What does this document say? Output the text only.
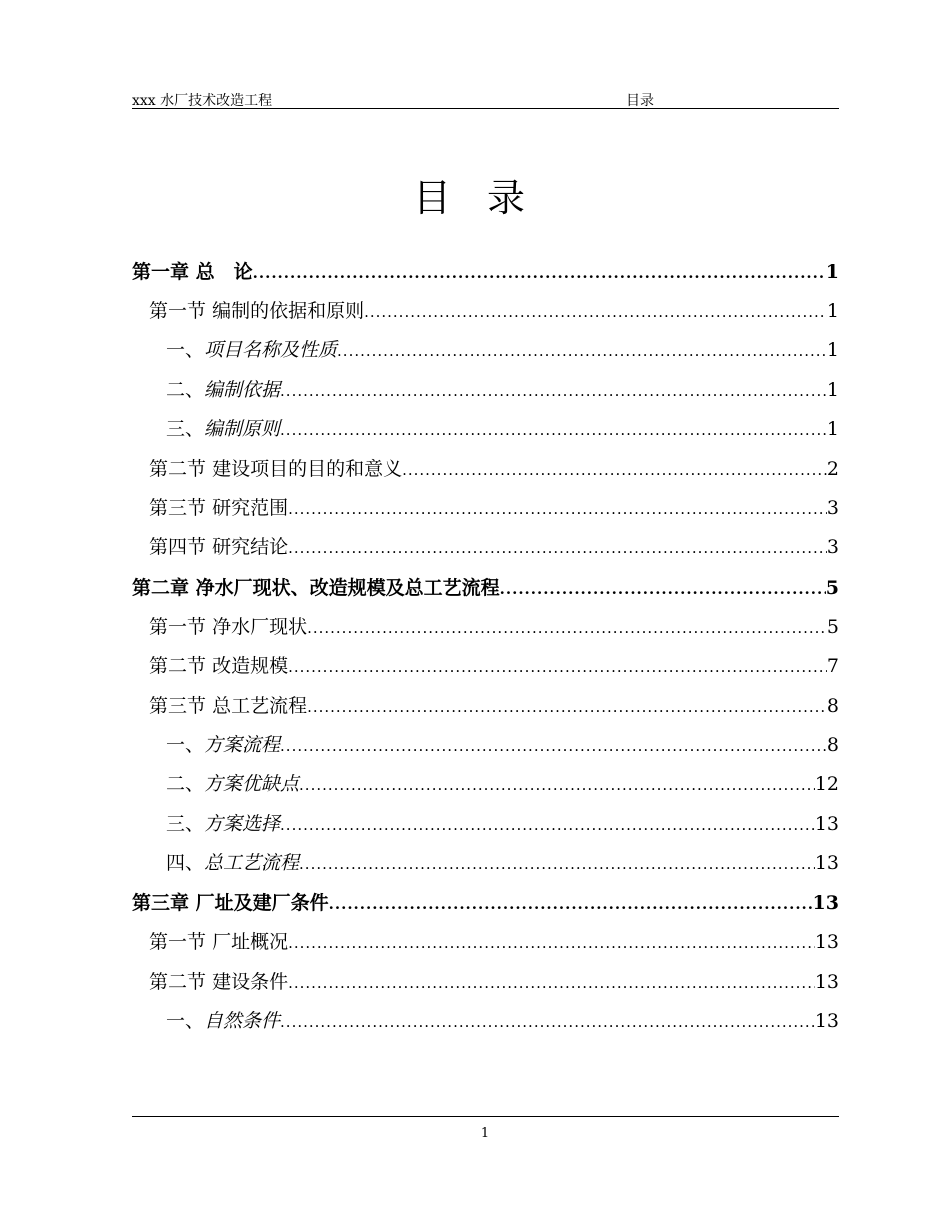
xxx 水厂技术改造工程	目录
目 录
第一章 总　论 .....	1
第一节 编制的依据和原则 .....	1
一、项目名称及性质 .....	1
二、编制依据 .....	1
三、编制原则 .....	1
第二节 建设项目的目的和意义 .....	2
第三节 研究范围 .....	3
第四节 研究结论 .....	3
第二章 净水厂现状、改造规模及总工艺流程 .....	5
第一节 净水厂现状 .....	5
第二节 改造规模 .....	7
第三节 总工艺流程 .....	8
一、方案流程 .....	8
二、方案优缺点 .....	12
三、方案选择 .....	13
四、总工艺流程 .....	13
第三章 厂址及建厂条件 .....	13
第一节 厂址概况 .....	13
第二节 建设条件 .....	13
一、自然条件 .....	13
1
